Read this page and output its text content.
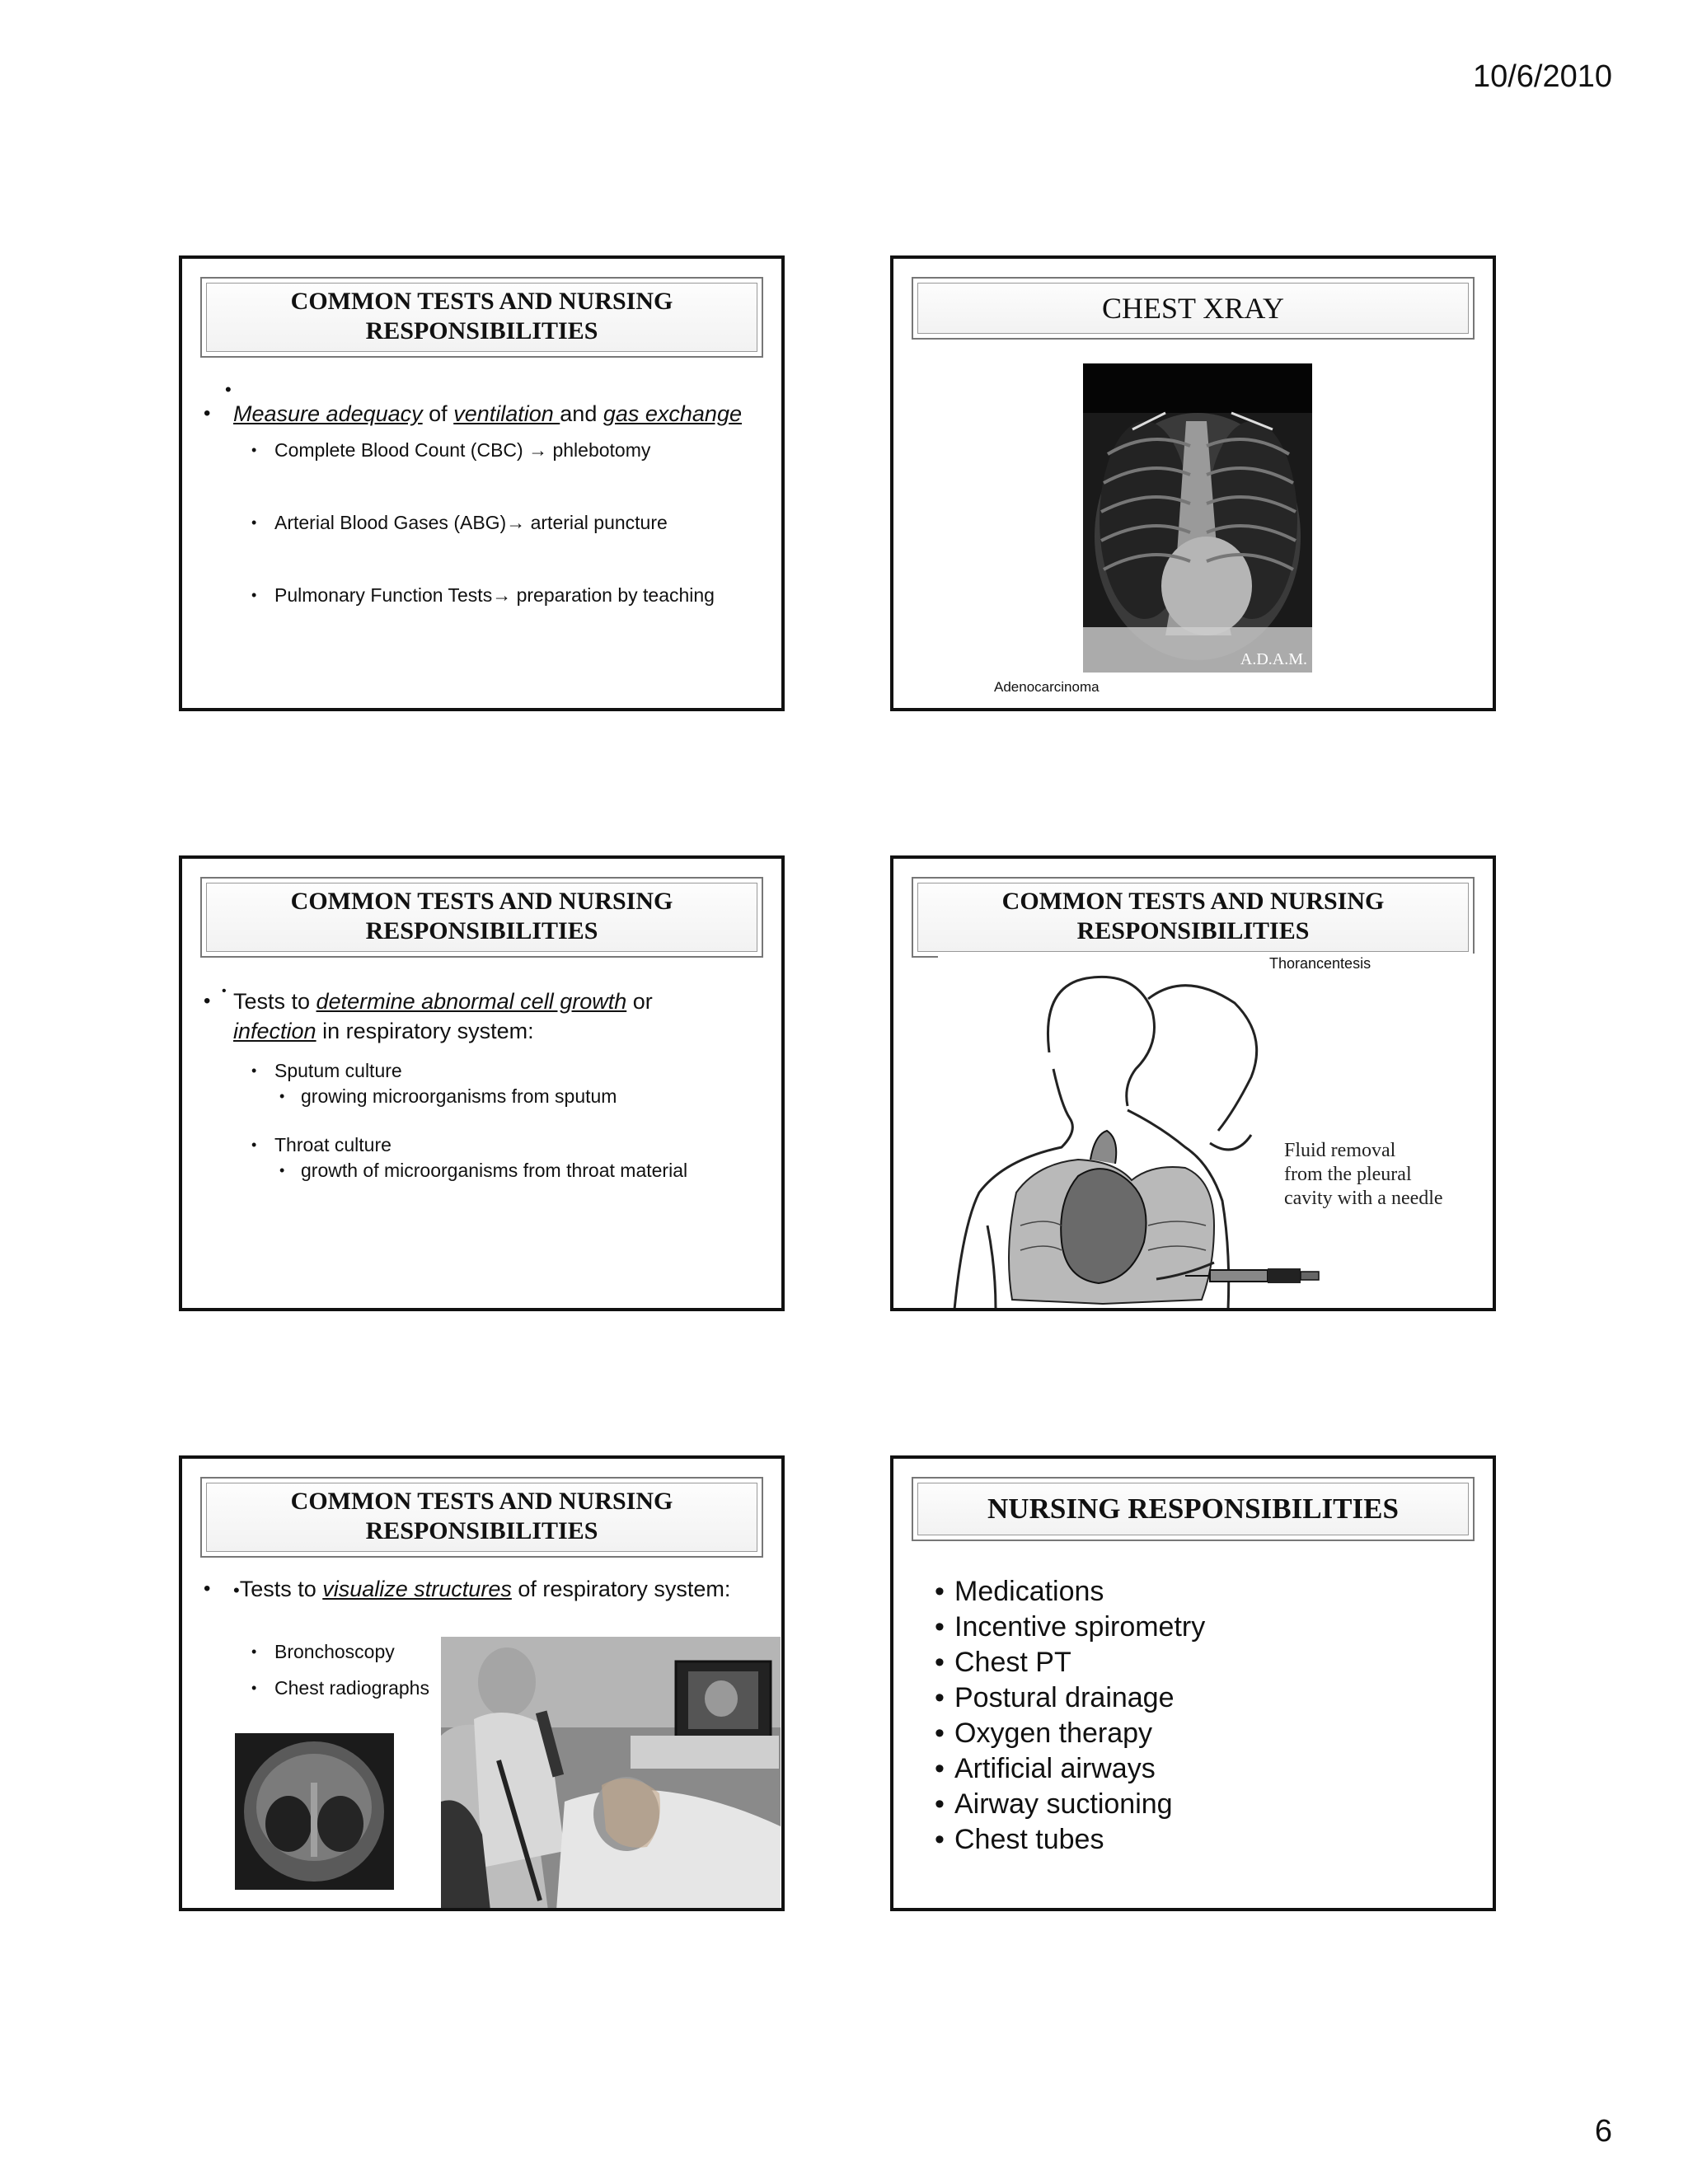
10/6/2010
COMMON TESTS AND NURSING RESPONSIBILITIES
•
• Measure adequacy of ventilation and gas exchange
• Complete Blood Count (CBC) → phlebotomy
• Arterial Blood Gases (ABG)→ arterial puncture
• Pulmonary Function Tests→ preparation by teaching
CHEST XRAY
A.D.A.M.
Adenocarcinoma
COMMON TESTS AND NURSING RESPONSIBILITIES
•
• Tests to determine abnormal cell growth or
infection in respiratory system:
• Sputum culture
• growing microorganisms from sputum
• Throat culture
• growth of microorganisms from throat material
COMMON TESTS AND NURSING RESPONSIBILITIES
Thorancentesis
Fluid removal
from the pleural
cavity with a needle
COMMON TESTS AND NURSING RESPONSIBILITIES
• •Tests to visualize structures of respiratory system:
• Bronchoscopy
• Chest radiographs
NURSING RESPONSIBILITIES
• Medications
• Incentive spirometry
• Chest PT
• Postural drainage
• Oxygen therapy
• Artificial airways
• Airway suctioning
• Chest tubes
6
